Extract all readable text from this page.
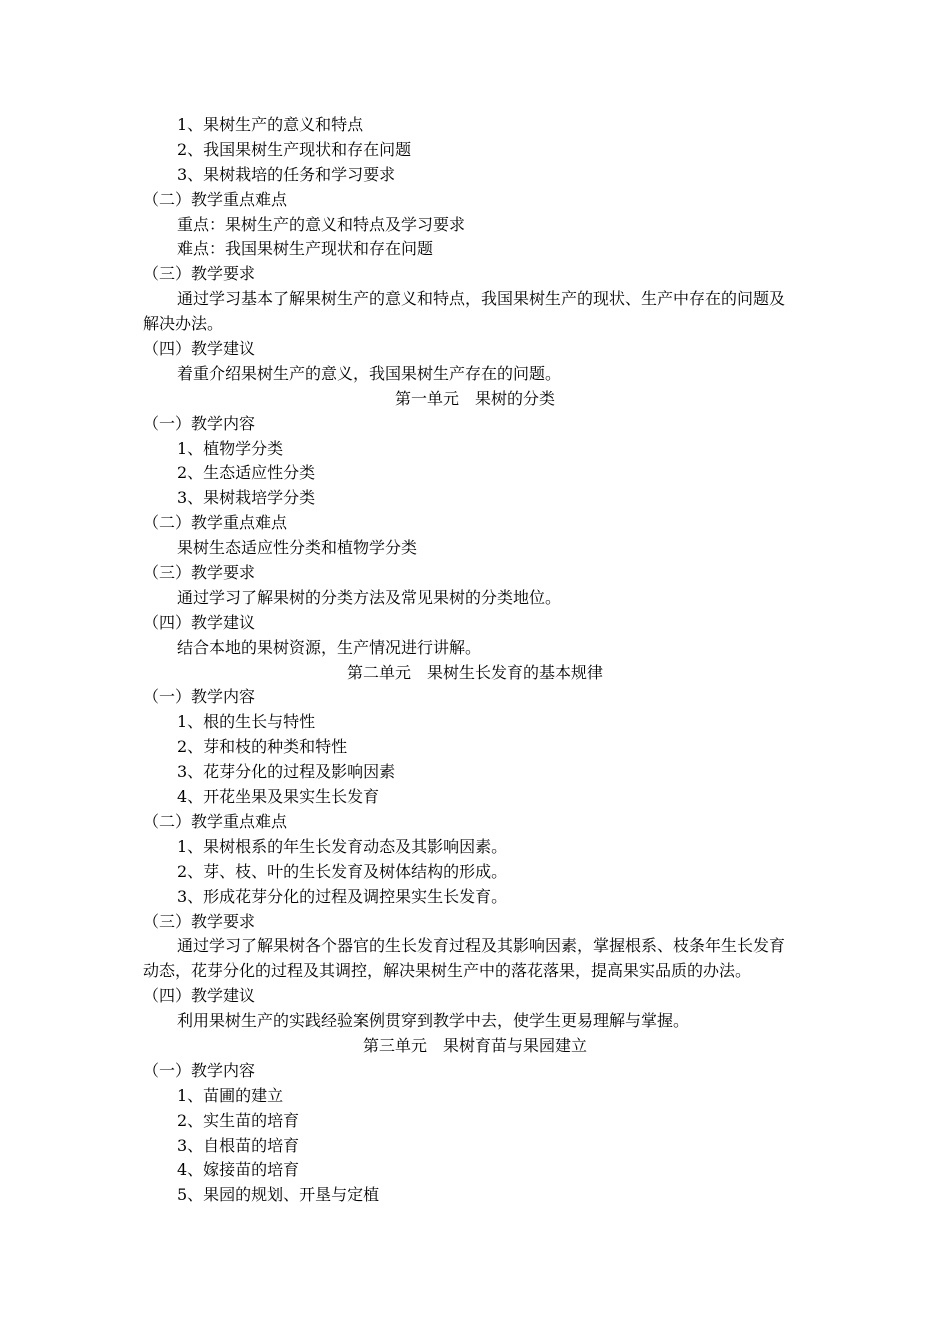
1、果树生产的意义和特点
2、我国果树生产现状和存在问题
3、果树栽培的任务和学习要求
（二）教学重点难点
重点：果树生产的意义和特点及学习要求
难点：我国果树生产现状和存在问题
（三）教学要求
通过学习基本了解果树生产的意义和特点，我国果树生产的现状、生产中存在的问题及
解决办法。
（四）教学建议
着重介绍果树生产的意义，我国果树生产存在的问题。
第一单元　果树的分类
（一）教学内容
1、植物学分类
2、生态适应性分类
3、果树栽培学分类
（二）教学重点难点
果树生态适应性分类和植物学分类
（三）教学要求
通过学习了解果树的分类方法及常见果树的分类地位。
（四）教学建议
结合本地的果树资源，生产情况进行讲解。
第二单元　果树生长发育的基本规律
（一）教学内容
1、根的生长与特性
2、芽和枝的种类和特性
3、花芽分化的过程及影响因素
4、开花坐果及果实生长发育
（二）教学重点难点
1、果树根系的年生长发育动态及其影响因素。
2、芽、枝、叶的生长发育及树体结构的形成。
3、形成花芽分化的过程及调控果实生长发育。
（三）教学要求
通过学习了解果树各个器官的生长发育过程及其影响因素，掌握根系、枝条年生长发育
动态，花芽分化的过程及其调控，解决果树生产中的落花落果，提高果实品质的办法。
（四）教学建议
利用果树生产的实践经验案例贯穿到教学中去，使学生更易理解与掌握。
第三单元　果树育苗与果园建立
（一）教学内容
1、苗圃的建立
2、实生苗的培育
3、自根苗的培育
4、嫁接苗的培育
5、果园的规划、开垦与定植
